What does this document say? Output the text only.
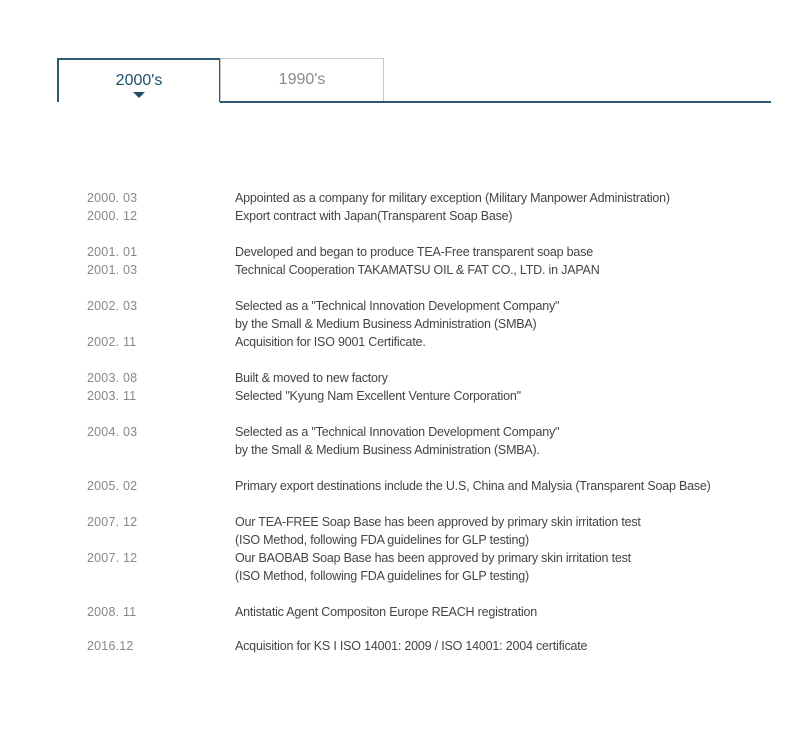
2000's	1990's
2000. 03	Appointed as a company for military exception (Military Manpower Administration)
2000. 12	Export contract with Japan(Transparent Soap Base)
2001. 01	Developed and began to produce TEA-Free transparent soap base
2001. 03	Technical Cooperation TAKAMATSU OIL & FAT CO., LTD. in JAPAN
2002. 03	Selected as a "Technical Innovation Development Company"
by the Small & Medium Business Administration (SMBA)
2002. 11	Acquisition for ISO 9001 Certificate.
2003. 08	Built & moved to new factory
2003. 11	Selected "Kyung Nam Excellent Venture Corporation"
2004. 03	Selected as a "Technical Innovation Development Company"
by the Small & Medium Business Administration (SMBA).
2005. 02	Primary export destinations include the U.S, China and Malysia (Transparent Soap Base)
2007. 12	Our TEA-FREE Soap Base has been approved by primary skin irritation test
(ISO Method, following FDA guidelines for GLP testing)
2007. 12	Our BAOBAB Soap Base has been approved by primary skin irritation test
(ISO Method, following FDA guidelines for GLP testing)
2008. 11	Antistatic Agent Compositon Europe REACH registration
2016.12	Acquisition for KS I ISO 14001: 2009 / ISO 14001: 2004 certificate
